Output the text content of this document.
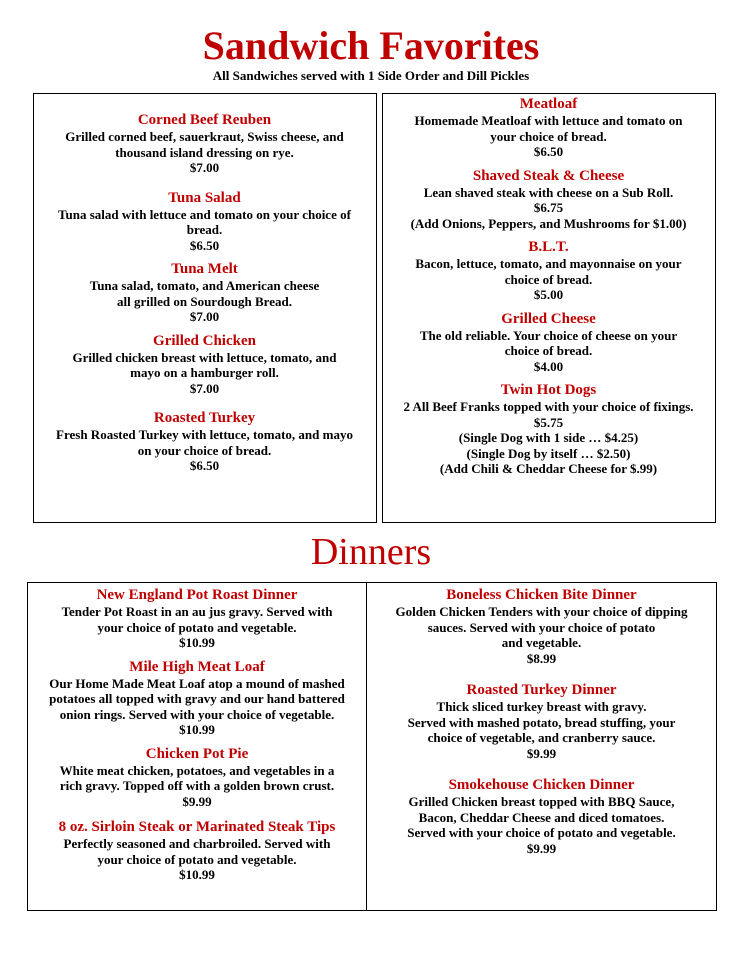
Sandwich Favorites
All Sandwiches served with 1 Side Order and Dill Pickles
Corned Beef Reuben
Grilled corned beef, sauerkraut, Swiss cheese, and
thousand island dressing on rye.
$7.00
Tuna Salad
Tuna salad with lettuce and tomato on your choice of
bread.
$6.50
Tuna Melt
Tuna salad, tomato, and American cheese
all grilled on Sourdough Bread.
$7.00
Grilled Chicken
Grilled chicken breast with lettuce, tomato, and
mayo on a hamburger roll.
$7.00
Roasted Turkey
Fresh Roasted Turkey with lettuce, tomato, and mayo
on your choice of bread.
$6.50
Meatloaf
Homemade Meatloaf with lettuce and tomato on
your choice of bread.
$6.50
Shaved Steak & Cheese
Lean shaved steak with cheese on a Sub Roll.
$6.75
(Add Onions, Peppers, and Mushrooms for $1.00)
B.L.T.
Bacon, lettuce, tomato, and mayonnaise on your
choice of bread.
$5.00
Grilled Cheese
The old reliable. Your choice of cheese on your
choice of bread.
$4.00
Twin Hot Dogs
2 All Beef Franks topped with your choice of fixings.
$5.75
(Single Dog with 1 side … $4.25)
(Single Dog by itself … $2.50)
(Add Chili & Cheddar Cheese for $.99)
Dinners
New England Pot Roast Dinner
Tender Pot Roast in an au jus gravy. Served with
your choice of potato and vegetable.
$10.99
Mile High Meat Loaf
Our Home Made Meat Loaf atop a mound of mashed
potatoes all topped with gravy and our hand battered
onion rings. Served with your choice of vegetable.
$10.99
Chicken Pot Pie
White meat chicken, potatoes, and vegetables in a
rich gravy. Topped off with a golden brown crust.
$9.99
8 oz. Sirloin Steak or Marinated Steak Tips
Perfectly seasoned and charbroiled. Served with
your choice of potato and vegetable.
$10.99
Boneless Chicken Bite Dinner
Golden Chicken Tenders with your choice of dipping
sauces. Served with your choice of potato
and vegetable.
$8.99
Roasted Turkey Dinner
Thick sliced turkey breast with gravy.
Served with mashed potato, bread stuffing, your
choice of vegetable, and cranberry sauce.
$9.99
Smokehouse Chicken Dinner
Grilled Chicken breast topped with BBQ Sauce,
Bacon, Cheddar Cheese and diced tomatoes.
Served with your choice of potato and vegetable.
$9.99
